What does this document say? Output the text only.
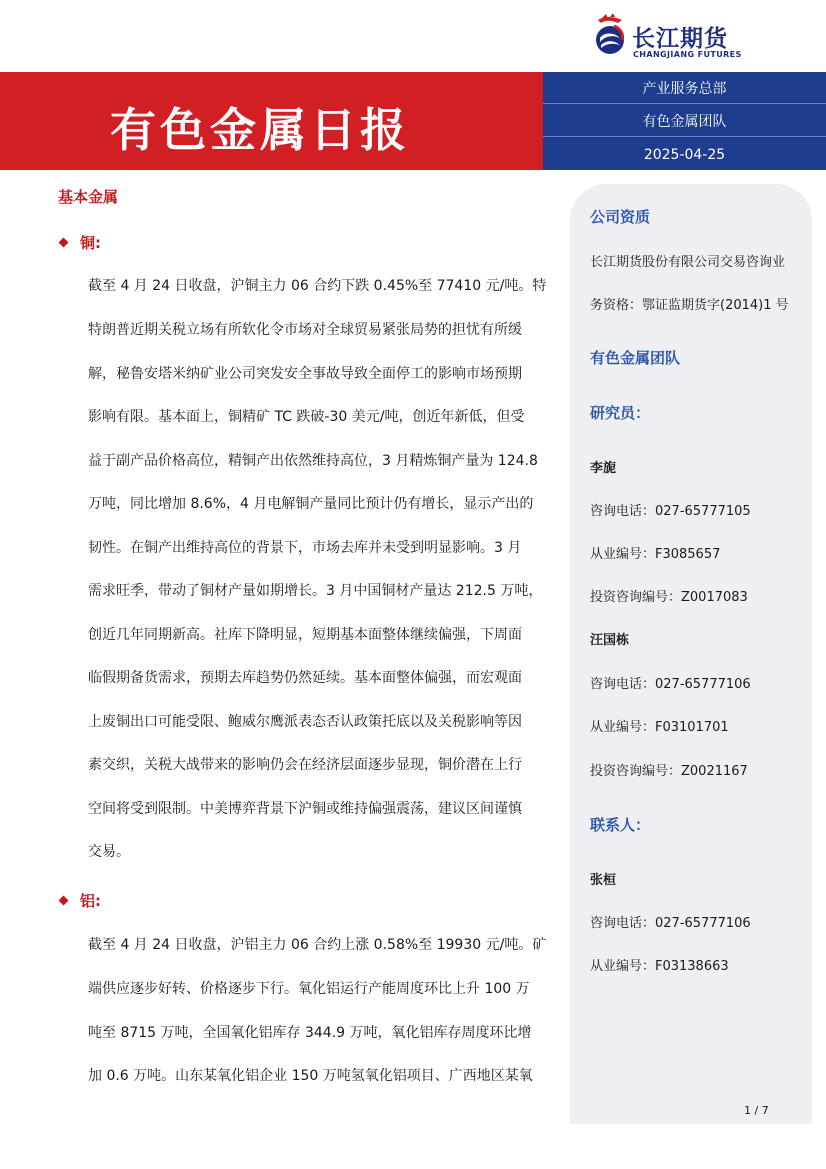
长江期货
CHANGJIANG FUTURES
有色金属日报
产业服务总部
有色金属团队
2025-04-25
基本金属
铜:
截至 4 月 24 日收盘，沪铜主力 06 合约下跌 0.45%至 77410 元/吨。特
特朗普近期关税立场有所软化令市场对全球贸易紧张局势的担忧有所缓
解，秘鲁安塔米纳矿业公司突发安全事故导致全面停工的影响市场预期
影响有限。基本面上，铜精矿 TC 跌破-30 美元/吨，创近年新低，但受
益于副产品价格高位，精铜产出依然维持高位，3 月精炼铜产量为 124.8
万吨，同比增加 8.6%，4 月电解铜产量同比预计仍有增长，显示产出的
韧性。在铜产出维持高位的背景下，市场去库并未受到明显影响。3 月
需求旺季，带动了铜材产量如期增长。3 月中国铜材产量达 212.5 万吨，
创近几年同期新高。社库下降明显，短期基本面整体继续偏强，下周面
临假期备货需求，预期去库趋势仍然延续。基本面整体偏强，而宏观面
上废铜出口可能受限、鲍威尔鹰派表态否认政策托底以及关税影响等因
素交织，关税大战带来的影响仍会在经济层面逐步显现，铜价潜在上行
空间将受到限制。中美博弈背景下沪铜或维持偏强震荡，建议区间谨慎
交易。
铝:
截至 4 月 24 日收盘，沪铝主力 06 合约上涨 0.58%至 19930 元/吨。矿
端供应逐步好转、价格逐步下行。氧化铝运行产能周度环比上升 100 万
吨至 8715 万吨，全国氧化铝库存 344.9 万吨，氧化铝库存周度环比增
加 0.6 万吨。山东某氧化铝企业 150 万吨氢氧化铝项目、广西地区某氧
公司资质
长江期货股份有限公司交易咨询业
务资格：鄂证监期货字(2014)1 号
有色金属团队
研究员：
李旎
咨询电话：027-65777105
从业编号：F3085657
投资咨询编号：Z0017083
汪国栋
咨询电话：027-65777106
从业编号：F03101701
投资咨询编号：Z0021167
联系人：
张桓
咨询电话：027-65777106
从业编号：F03138663
1 / 7
